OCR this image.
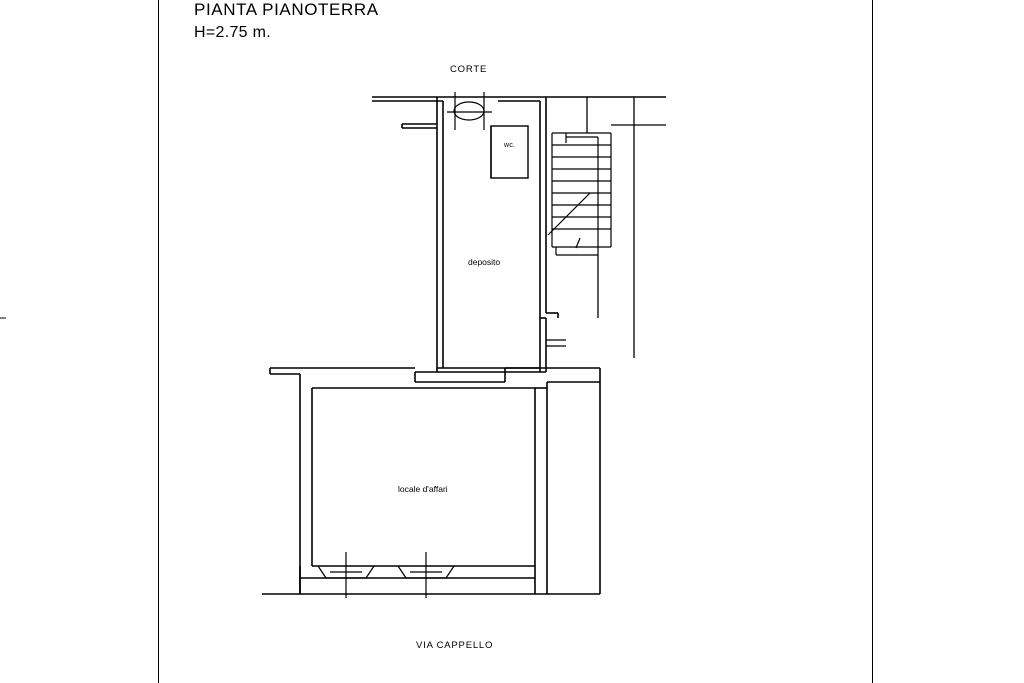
PIANTA PIANOTERRA
H=2.75 m.
CORTE
wc.
deposito
locale d'affari
VIA CAPPELLO
